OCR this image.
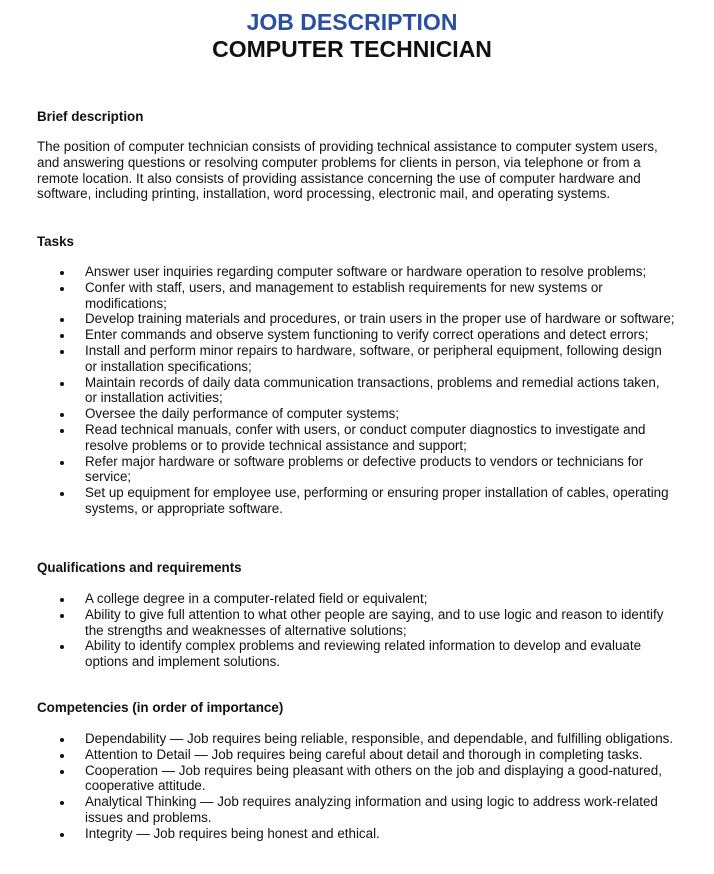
JOB DESCRIPTION
COMPUTER TECHNICIAN
Brief description
The position of computer technician consists of providing technical assistance to computer system users, and answering questions or resolving computer problems for clients in person, via telephone or from a remote location. It also consists of providing assistance concerning the use of computer hardware and software, including printing, installation, word processing, electronic mail, and operating systems.
Tasks
Answer user inquiries regarding computer software or hardware operation to resolve problems;
Confer with staff, users, and management to establish requirements for new systems or modifications;
Develop training materials and procedures, or train users in the proper use of hardware or software;
Enter commands and observe system functioning to verify correct operations and detect errors;
Install and perform minor repairs to hardware, software, or peripheral equipment, following design or installation specifications;
Maintain records of daily data communication transactions, problems and remedial actions taken, or installation activities;
Oversee the daily performance of computer systems;
Read technical manuals, confer with users, or conduct computer diagnostics to investigate and resolve problems or to provide technical assistance and support;
Refer major hardware or software problems or defective products to vendors or technicians for service;
Set up equipment for employee use, performing or ensuring proper installation of cables, operating systems, or appropriate software.
Qualifications and requirements
A college degree in a computer-related field or equivalent;
Ability to give full attention to what other people are saying, and to use logic and reason to identify the strengths and weaknesses of alternative solutions;
Ability to identify complex problems and reviewing related information to develop and evaluate options and implement solutions.
Competencies (in order of importance)
Dependability — Job requires being reliable, responsible, and dependable, and fulfilling obligations.
Attention to Detail — Job requires being careful about detail and thorough in completing tasks.
Cooperation — Job requires being pleasant with others on the job and displaying a good-natured, cooperative attitude.
Analytical Thinking — Job requires analyzing information and using logic to address work-related issues and problems.
Integrity — Job requires being honest and ethical.
